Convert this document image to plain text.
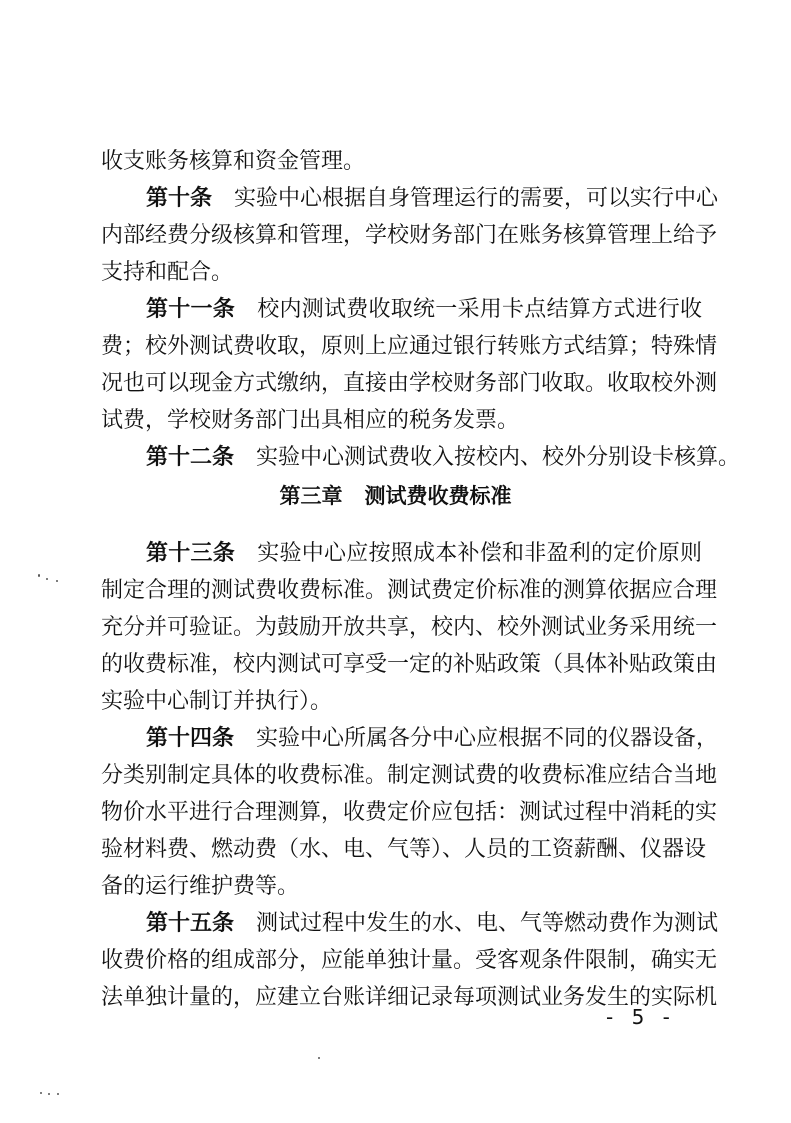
收支账务核算和资金管理。
第十条　 实验中心根据自身管理运行的需要，可以实行中心
内部经费分级核算和管理，学校财务部门在账务核算管理上给予
支持和配合。
第十一条　 校内测试费收取统一采用卡点结算方式进行收
费；校外测试费收取，原则上应通过银行转账方式结算；特殊情
况也可以现金方式缴纳，直接由学校财务部门收取。收取校外测
试费，学校财务部门出具相应的税务发票。
第十二条　 实验中心测试费收入按校内、校外分别设卡核算。
第三章   测试费收费标准
第十三条　 实验中心应按照成本补偿和非盈利的定价原则
制定合理的测试费收费标准。测试费定价标准的测算依据应合理
充分并可验证。为鼓励开放共享，校内、校外测试业务采用统一
的收费标准，校内测试可享受一定的补贴政策（具体补贴政策由
实验中心制订并执行）。
第十四条　 实验中心所属各分中心应根据不同的仪器设备，
分类别制定具体的收费标准。制定测试费的收费标准应结合当地
物价水平进行合理测算，收费定价应包括：测试过程中消耗的实
验材料费、燃动费（水、电、气等）、人员的工资薪酬、仪器设
备的运行维护费等。
第十五条　 测试过程中发生的水、电、气等燃动费作为测试
收费价格的组成部分，应能单独计量。受客观条件限制，确实无
法单独计量的，应建立台账详细记录每项测试业务发生的实际机
- 5 -
